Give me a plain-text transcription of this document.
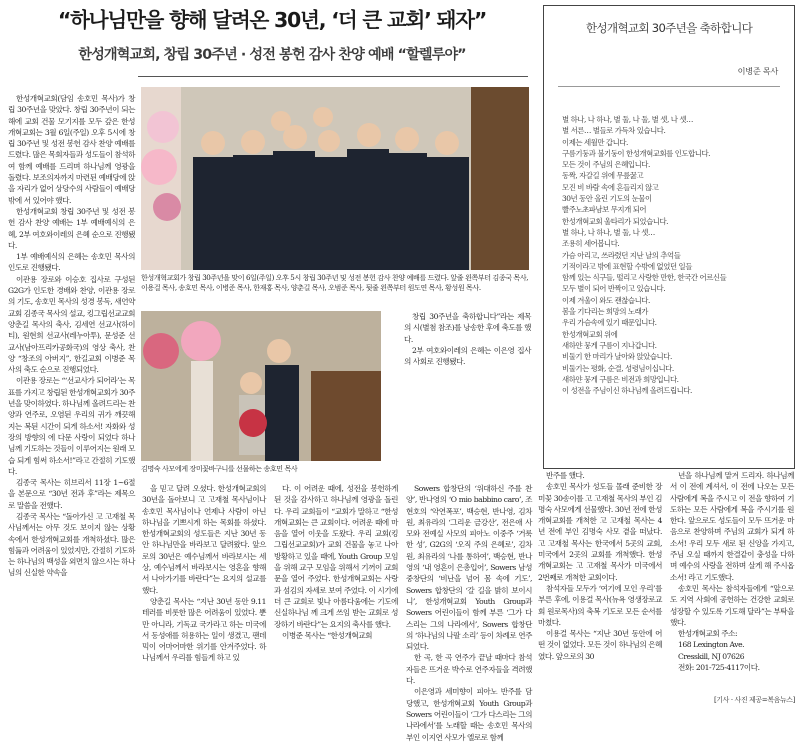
“하나님만을 향해 달려온 30년, ‘더 큰 교회’ 돼자”
한성개혁교회, 창립 30주년 · 성전 봉헌 감사 찬양 예배 “할렐루야”

한성개혁교회(담임 송호민 목사)가 창립 30주년을 맞았다. 창립 30주년이 되는 해에 교회 건물 모기지를 모두 갚은 한성개혁교회는 3월 6일(주일) 오후 5시에 창립 30주년 및 성전 봉헌 감사 찬양 예배를 드렸다. 많은 목회자들과 성도들이 참석하여 함께 예배를 드리며 하나님께 영광을 돌렸다. 보조의자까지 마련된 예배당에 앉을 자리가 없어 상당수의 사람들이 예배당 밖에 서 있어야 했다.

한성개혁교회 창립 30주년 및 성전 봉헌 감사 찬양 예배는 1부 예배예식의 은혜, 2부 여호와이레의 은혜 순으로 진행됐다.

1부 예배예식의 은혜는 송호민 목사의 인도로 진행됐다.

이관용 장로와 이승호 집사로 구성된 G2G가 인도한 경배와 찬양, 이관용 장로의 기도, 송호민 목사의 성경 봉독, 새언약교회 김종국 목사의 설교, 킹그립선교교회 양춘길 목사의 축사, 김세연 선교사(하이티), 원현희 선교사(레누아투), 문성준 선교사(남아프리카공화국)의 영상 축사, 찬양 “창조의 아버지”, 한길교회 이병준 목사의 축도 순으로 진행되었다.

이관용 장로는 “‘선교사가 되어라’는 목표를 가지고 창립된 한성개혁교회가 30주년을 맞이하였다. 하나님께 올려드리는 찬양과 연주로, 오염된 우리의 귀가 깨끗해지는 복된 시간이 되게 하소서! 자화와 성장의 방향의 에 다문 사랑이 되었다 하나님께 기도하는 것들이 이루어지는 원래 모습 되게 힘써 하소서!”라고 간절히 기도했다.

김종국 목사는 히브리서 11장 1~6절을 본문으로 “30년 전과 후”라는 제목으로 말씀을 전했다.

김종국 목사는 “돌아가신 고 고재철 목사님께서는 아무 것도 보이지 않는 상황 속에서 한성개혁교회를 개척하셨다. 많은 힘듦과 어려움이 있었지만, 간절히 기도하는 하나님의 백성을 외면치 않으시는 하나님의 신실한 약속을

한성개혁교회가 창립 30주년을 맞이 6일(주일) 오후 5시 창립 30주년 및 성전 봉헌 감사 찬양 예배를 드렸다. 앞줄 왼쪽부터 김종국 목사, 이용걸 목사, 송호민 목사, 이병준 목사, 한재홍 목사, 양춘길 목사, 오범준 목사, 뒷줄 왼쪽부터 원도연 목사, 황성원 목사.
김명숙 사모에게 장미꽃바구니를 선물하는 송호민 목사

창립 30주년을 축하합니다”라는 제목의 시(별첨 참조)를 낭송한 후에 축도를 했다.

2부 여호와이레의 은혜는 이은영 집사의 사회로 진행됐다.

을 믿고 달려 오셨다. 한성개혁교회의 30년을 돌아보니 고 고재철 목사님이나 송호민 목사님이나 언제나 사람이 아닌 하나님을 기쁘시게 하는 목회를 하셨다. 한성개혁교회의 성도들은 지난 30년 동안 하나님만을 바라보고 달려왔다. 앞으로의 30년은 예수님께서 바라보시는 세상, 예수님께서 바라보시는 영혼을 향해서 나아가기를 바란다”는 요지의 설교를 했다.

양춘길 목사는 “지난 30년 동안 9.11 테러를 비롯한 많은 어려움이 있었다. 뿐만 아니라, 기독교 국가라고 하는 미국에서 동성애를 허용하는 일이 생겼고, 팬데믹이 어마어마한 위기를 안겨주었다. 하나님께서 우리를 힘들게 하고 있

다. 이 어려운 때에, 성전을 봉헌하게 된 것을 감사하고 하나님께 영광을 돌린다. 우리 교회들이 “교회가 말하고 “한성개혁교회는 큰 교회이다. 어려운 때에 마음을 열어 이웃을 도왔다. 우리 교회(킹그립선교교회)가 교회 건물을 놓고 나아 방황하고 있을 때에, Youth Group 모임을 위해 교구 모임을 위해서 기꺼이 교회 문을 열어 주었다. 한성개혁교회는 사랑과 섬김의 자세로 보여 주었다. 이 시기에 더 큰 교회로 빛나 아름다움에는 기도에 신실하나님 께 크게 쓰임 받는 교회로 성장하기 바란다”는 요지의 축사를 했다.

이병준 목사는 “한성개혁교회

반주를 했다.

송호민 목사가 성도들 몰래 준비한 장미꽃 30송이를 고 고재철 목사의 부인 김명숙 사모에게 선물했다. 30년 전에 한성개혁교회를 개척한 고 고재철 목사는 4년 전에 부인 김명숙 사모 곁을 떠났다. 고 고재철 목사는 한국에서 5곳의 교회, 미국에서 2곳의 교회를 개척했다. 한성개혁교회는 고 고재철 목사가 미국에서 2번째로 개척한 교회이다.

참석자들 모두가 ‘여기에 모인 우리’를 부른 후에, 이용걸 목사(뉴욕 영생장로교회 원로목사)의 축복 기도로 모든 순서를 마쳤다.

이용걸 목사는 “지난 30년 동안에 어떤 것이 없었다. 모든 것이 하나님의 은혜였다. 앞으로의 30

년을 하나님께 맡겨 드리자. 하나님께서 이 전에 계셔서, 이 전에 나오는 모든 사람에게 복을 주시고 이 전을 향하여 기도하는 모든 사람에게 복을 주시기를 원한다. 앞으로도 성도들이 모두 뜨거운 마음으로 찬양하며 주님의 교회가 되게 하소서! 우리 모두 새로 된 신앙을 가지고, 주님 오실 때까지 한결같이 충성을 다하며 예수의 사랑을 전하며 살게 해 주시옵소서! 라고 기도했다.

송호민 목사는 참석자들에게 “앞으로도 지역 사회에 공헌하는 건강한 교회로 성장할 수 있도록 기도해 달라”는 부탁을 했다.

한성개혁교회 주소:

168 Lexington Ave.

Cresskill, NJ 07626

전화: 201-725-4117이다.

Sowers 합창단의 ‘위대하신 주를 찬양’, 반나영의 ‘O mio babbino caro’, 조현호의 ‘악연폭포’, 백승현, 반나영, 김차원, 최유라의 ‘그리운 금강산’, 전은애 사모와 전예실 사모의 피아노 이중주 ‘거룩한 성’, G2G의 ‘오직 주의 은혜로’, 김차원, 최유라의 ‘나를 통하여’, 백승현, 반나영의 ‘내 영혼이 은총입어’, Sowers 남성 중창단의 ‘비난을 넘어 몸 속에 기도’, Sowers 합창단의 ‘갈 길을 밝히 보이시니’, 한성개혁교회 Youth Group과 Sowers 어린이들이 함께 부른 ‘그가 다스리는 그의 나라에서’, Sowers 합창단의 ‘하나님의 나팔 소리’ 등이 차례로 연주되었다.

한 곡, 한 곡 연주가 끝날 때마다 참석자들은 뜨거운 박수로 연주자들을 격려했다.

이은영과 세미향이 피아노 반주를 담당했고, 한성개혁교회 Youth Group과 Sowers 어린이들이 ‘그가 다스리는 그의 나라에서’를 노래할 때는 송호민 목사의 부인 이지연 사모가 엘로로 함께

한성개혁교회 30주년을 축하합니다
이병준 목사
별 하나, 나 하나, 별 둘, 나 둘, 별 셋, 나 셋…
별 서른… 별들로 가득차 있습니다.
이제는 세월만 갑니다.
구름기둥과 불기둥이 한성개혁교회를 인도합니다.
모든 것이 주님의 은혜입니다.
동짝, 자갈길 위에 무릎꿇고
모진 비 바람 속에 흔들리지 않고
30년 동안 올린 기도의 눈물이
빨주노초파남보 무지개 되어
한성개혁교회 울타리가 되었습니다.
별 하나, 나 하나, 별 둘, 나 셋…
조용히 세어봅니다.
가슴 아리고, 쓰라렸던 지난 날의 추억들
기적이라고 밖에 표현할 수밖에 없었던 일들
함께 있는 식구들, 떨리고 사랑한 만한, 한국간 어르신들
모두 별이 되어 반짝이고 있습니다.
이제 겨울이 와도 괜찮습니다.
봄을 기다리는 희망의 노래가
우리 가슴속에 있기 때문입니다.
한성개혁교회 위에
새하얀 뭉게 구름이 지나갑니다.
비둘기 한 마리가 날아와 앉았습니다.
비둘기는 평화, 순결, 성령님이십니다.
새하얀 뭉게 구름은 비전과 희망입니다.
이 성전을 주님이신 하나님께 올려드립니다.
[기사 · 사진 제공=복음뉴스]
